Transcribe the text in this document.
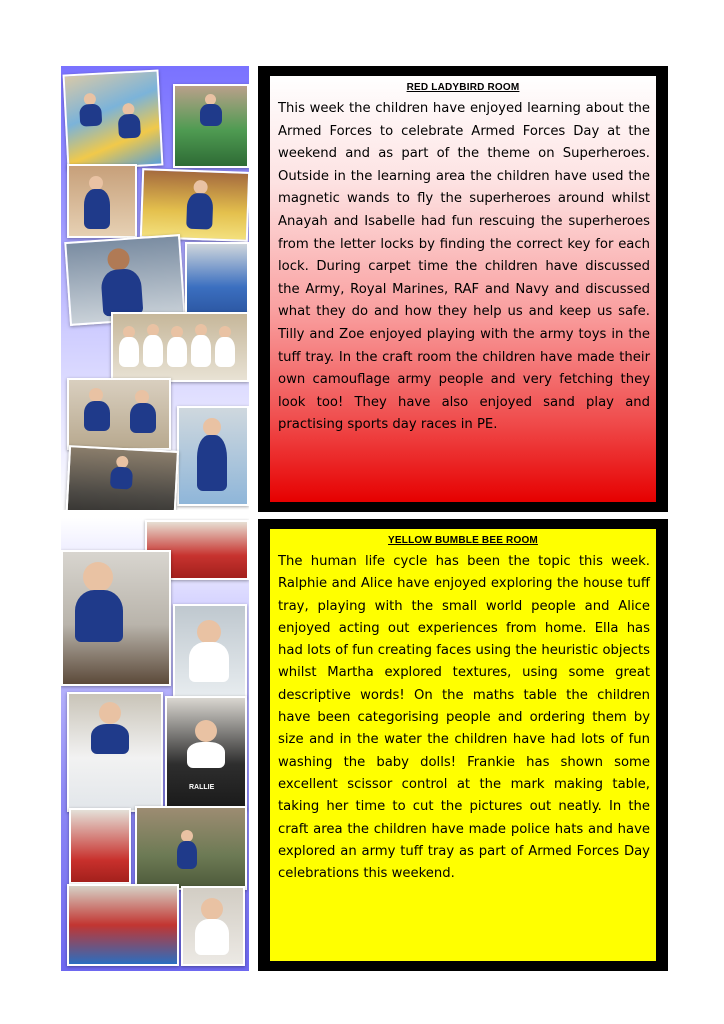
RALLIE
RED LADYBIRD ROOM
This week the children have enjoyed learning about the Armed Forces to celebrate Armed Forces Day at the weekend and as part of the theme on Superheroes. Outside in the learning area the children have used the magnetic wands to fly the superheroes around whilst Anayah and Isabelle had fun rescuing the superheroes from the letter locks by finding the correct key for each lock. During carpet time the children have discussed the Army, Royal Marines, RAF and Navy and discussed what they do and how they help us and keep us safe. Tilly and Zoe enjoyed playing with the army toys in the tuff tray. In the craft room the children have made their own camouflage army people and very fetching they look too! They have also enjoyed sand play and practising sports day races in PE.
YELLOW BUMBLE BEE ROOM
The human life cycle has been the topic this week. Ralphie and Alice have enjoyed exploring the house tuff tray, playing with the small world people and Alice enjoyed acting out experiences from home. Ella has had lots of fun creating faces using the heuristic objects whilst Martha explored textures, using some great descriptive words! On the maths table the children have been categorising people and ordering them by size and in the water the children have had lots of fun washing the baby dolls! Frankie has shown some excellent scissor control at the mark making table, taking her time to cut the pictures out neatly. In the craft area the children have made police hats and have explored an army tuff tray as part of Armed Forces Day celebrations this weekend.
